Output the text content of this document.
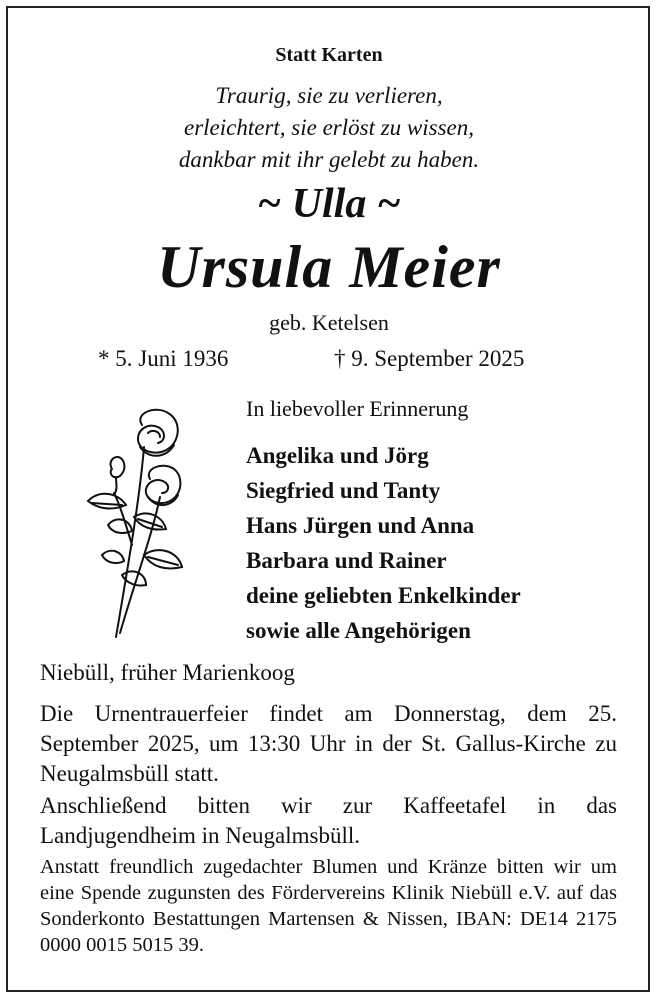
Statt Karten
Traurig, sie zu verlieren,
erleichtert, sie erlöst zu wissen,
dankbar mit ihr gelebt zu haben.
~ Ulla ~
Ursula Meier
geb. Ketelsen
* 5. Juni 1936	† 9. September 2025
In liebevoller Erinnerung
Angelika und Jörg
Siegfried und Tanty
Hans Jürgen und Anna
Barbara und Rainer
deine geliebten Enkelkinder
sowie alle Angehörigen
Niebüll, früher Marienkoog
Die Urnentrauerfeier findet am Donnerstag, dem 25. September 2025, um 13:30 Uhr in der St. Gallus-Kirche zu Neugalmsbüll statt.
Anschließend bitten wir zur Kaffeetafel in das Landjugendheim in Neugalmsbüll.
Anstatt freundlich zugedachter Blumen und Kränze bitten wir um eine Spende zugunsten des Fördervereins Klinik Niebüll e.V. auf das Sonderkonto Bestattungen Martensen & Nissen, IBAN: DE14 2175 0000 0015 5015 39.
